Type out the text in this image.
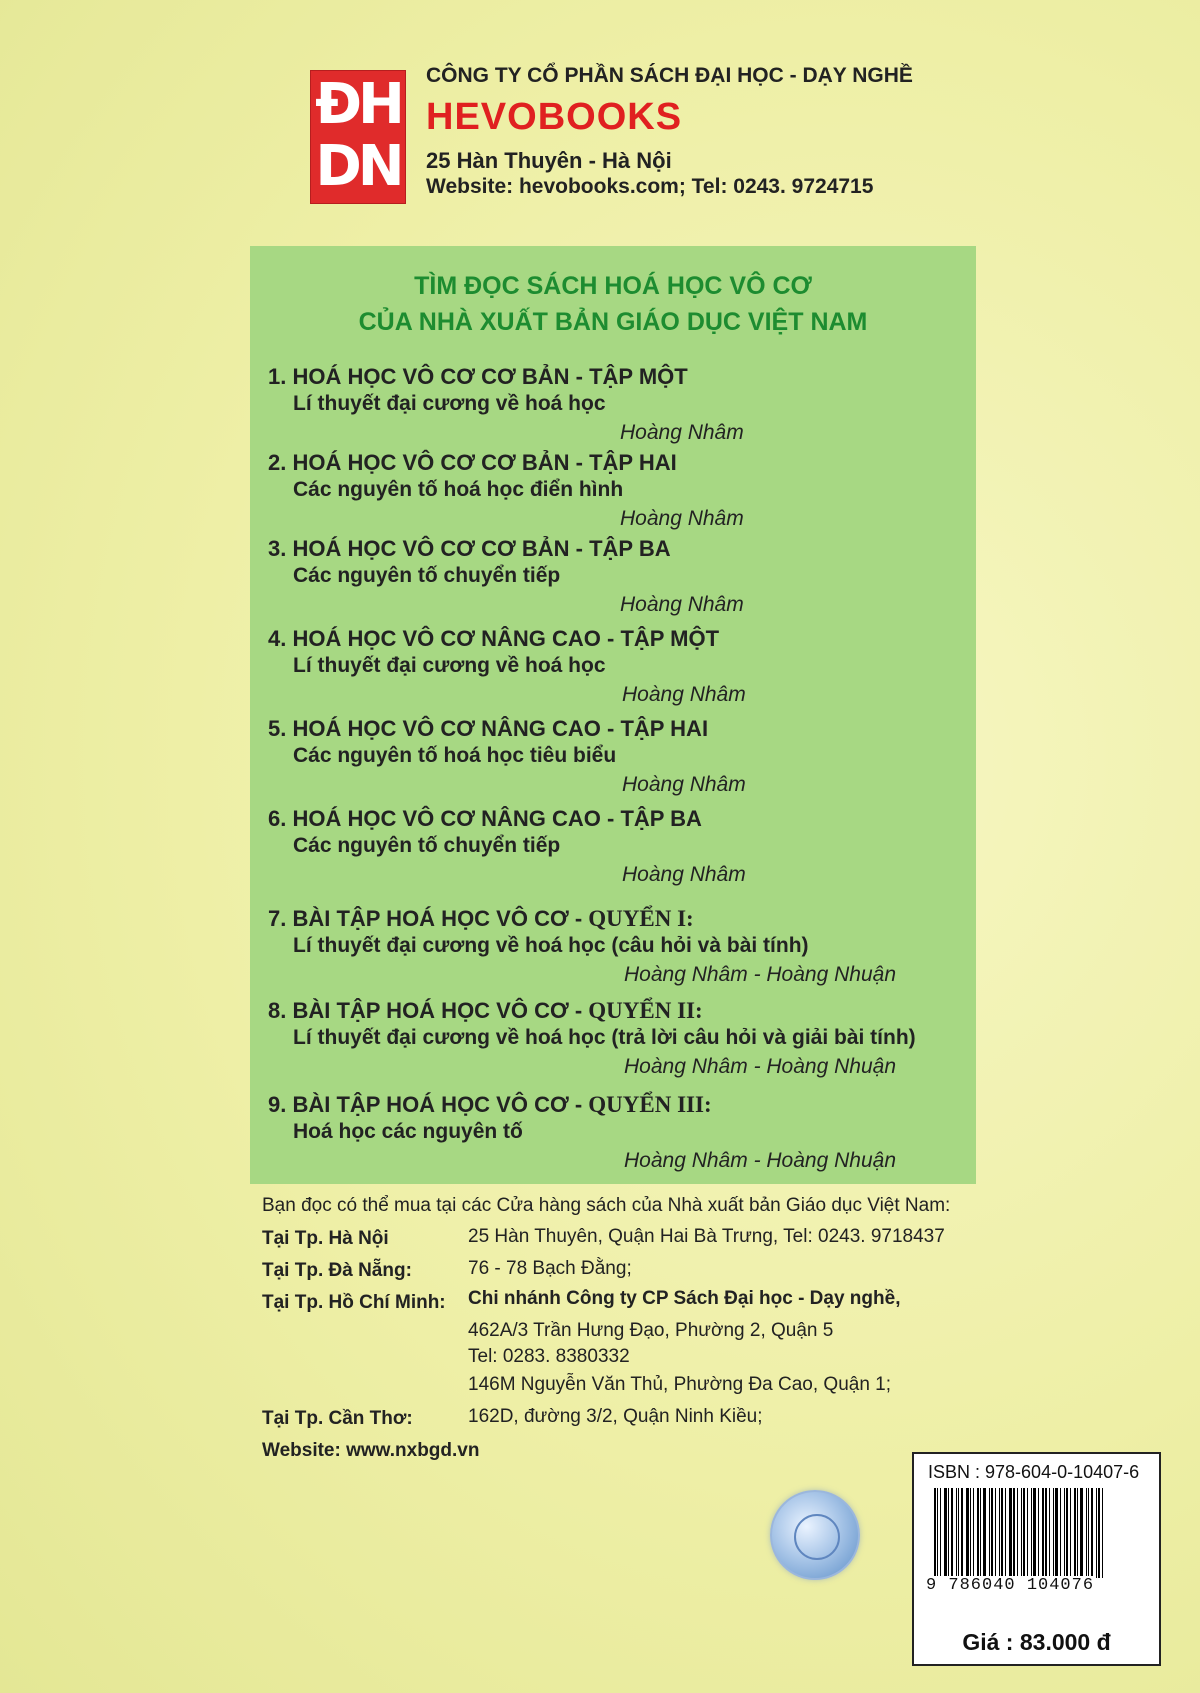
ĐH
DN
CÔNG TY CỔ PHẦN SÁCH ĐẠI HỌC - DẠY NGHỀ
HEVOBOOKS
25 Hàn Thuyên - Hà Nội
Website: hevobooks.com; Tel: 0243. 9724715
TÌM ĐỌC SÁCH HOÁ HỌC VÔ CƠ
CỦA NHÀ XUẤT BẢN GIÁO DỤC VIỆT NAM
1. HOÁ HỌC VÔ CƠ CƠ BẢN - TẬP MỘT
Lí thuyết đại cương về hoá học
Hoàng Nhâm
2. HOÁ HỌC VÔ CƠ CƠ BẢN - TẬP HAI
Các nguyên tố hoá học điển hình
Hoàng Nhâm
3. HOÁ HỌC VÔ CƠ CƠ BẢN - TẬP BA
Các nguyên tố chuyển tiếp
Hoàng Nhâm
4. HOÁ HỌC VÔ CƠ NÂNG CAO - TẬP MỘT
Lí thuyết đại cương về hoá học
Hoàng Nhâm
5. HOÁ HỌC VÔ CƠ NÂNG CAO - TẬP HAI
Các nguyên tố hoá học tiêu biểu
Hoàng Nhâm
6. HOÁ HỌC VÔ CƠ NÂNG CAO - TẬP BA
Các nguyên tố chuyển tiếp
Hoàng Nhâm
7. BÀI TẬP HOÁ HỌC VÔ CƠ - QUYỂN I:
Lí thuyết đại cương về hoá học (câu hỏi và bài tính)
Hoàng Nhâm - Hoàng Nhuận
8. BÀI TẬP HOÁ HỌC VÔ CƠ - QUYỂN II:
Lí thuyết đại cương về hoá học (trả lời câu hỏi và giải bài tính)
Hoàng Nhâm - Hoàng Nhuận
9. BÀI TẬP HOÁ HỌC VÔ CƠ - QUYỂN III:
Hoá học các nguyên tố
Hoàng Nhâm - Hoàng Nhuận
Bạn đọc có thể mua tại các Cửa hàng sách của Nhà xuất bản Giáo dục Việt Nam:
Tại Tp. Hà Nội	25 Hàn Thuyên, Quận Hai Bà Trưng, Tel: 0243. 9718437
Tại Tp. Đà Nẵng:	76 - 78 Bạch Đằng;
Tại Tp. Hồ Chí Minh: Chi nhánh Công ty CP Sách Đại học - Dạy nghề,
462A/3 Trần Hưng Đạo, Phường 2, Quận 5
Tel: 0283. 8380332
146M Nguyễn Văn Thủ, Phường Đa Cao, Quận 1;
Tại Tp. Cần Thơ:	162D, đường 3/2, Quận Ninh Kiều;
Website: www.nxbgd.vn
ISBN : 978-604-0-10407-6
9 786040 104076
Giá : 83.000 đ
